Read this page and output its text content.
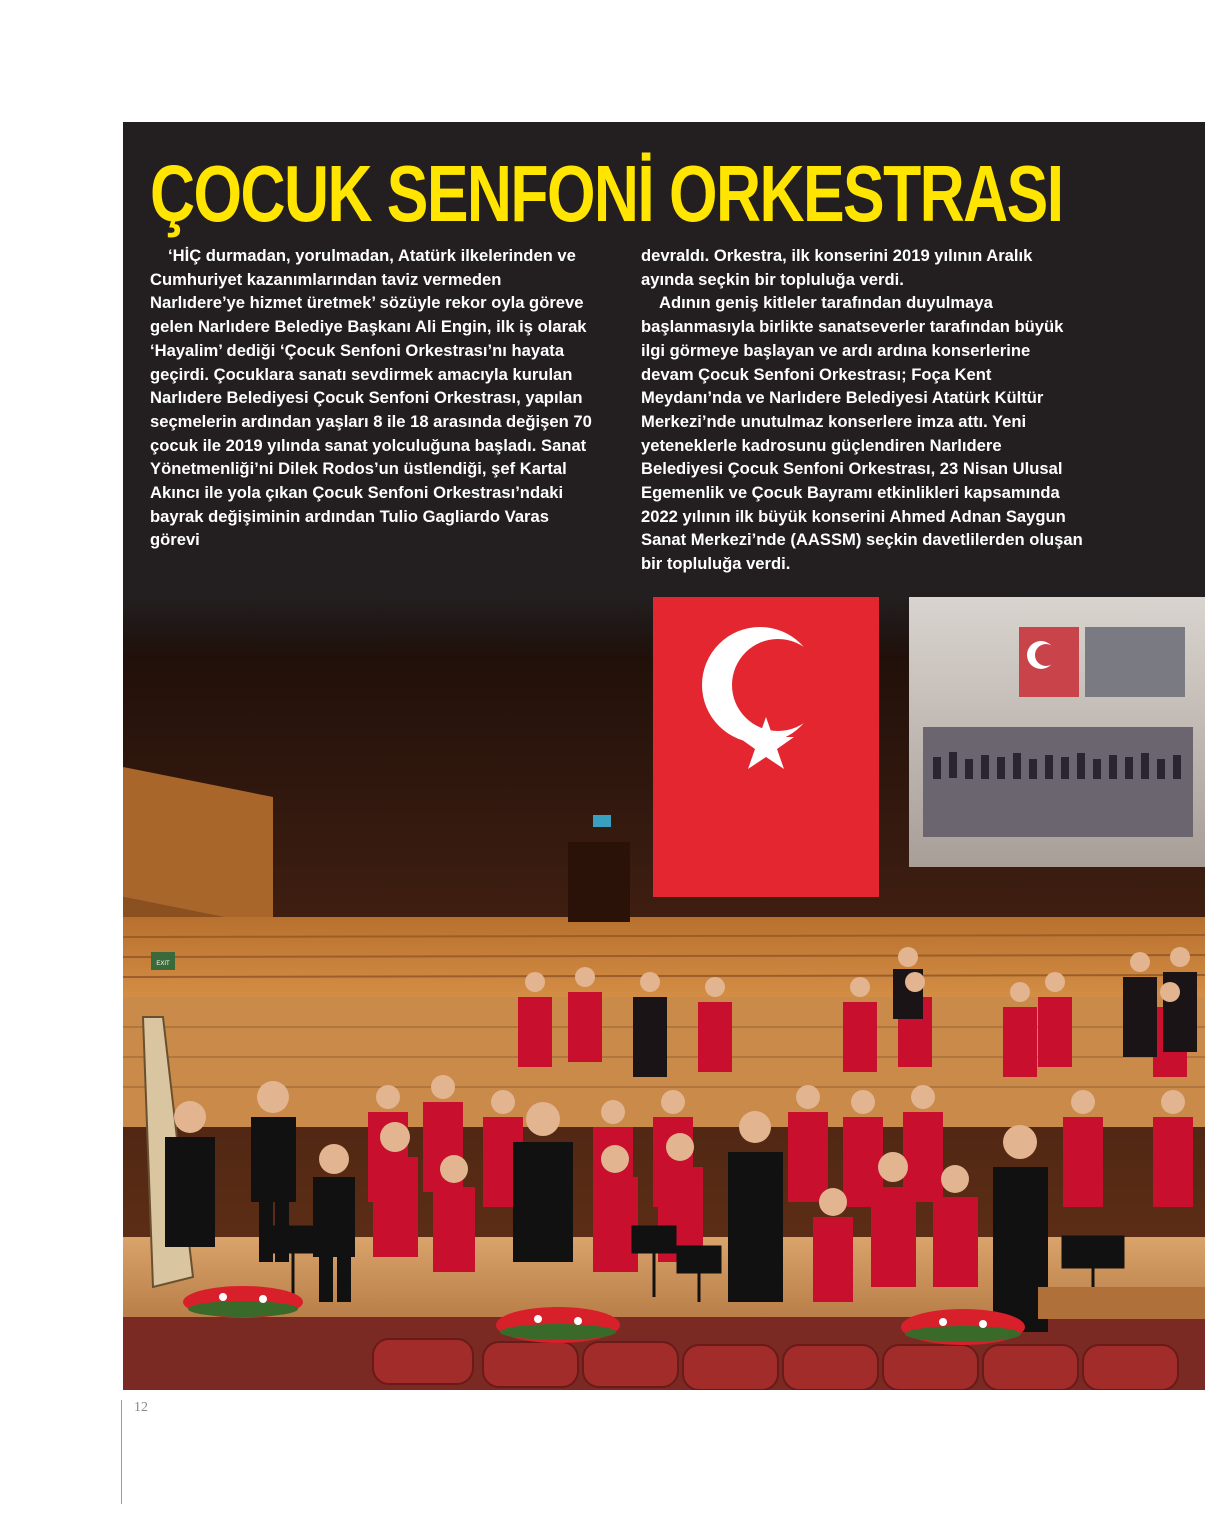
ÇOCUK SENFONİ ORKESTRASI

‘HİÇ durmadan, yorulmadan, Atatürk ilkelerinden ve Cumhuriyet kazanımlarından taviz vermeden Narlıdere’ye hizmet üretmek’ sözüyle rekor oyla göreve gelen Narlıdere Belediye Başkanı Ali Engin, ilk iş olarak ‘Hayalim’ dediği ‘Çocuk Senfoni Orkestrası’nı hayata geçirdi. Çocuklara sanatı sevdirmek amacıyla kurulan Narlıdere Belediyesi Çocuk Senfoni Orkestrası, yapılan seçmelerin ardından yaşları 8 ile 18 arasında değişen 70 çocuk ile 2019 yılında sanat yolculuğuna başladı. Sanat Yönetmenliği’ni Dilek Rodos’un üstlendiği, şef Kartal Akıncı ile yola çıkan Çocuk Senfoni Orkestrası’ndaki bayrak değişiminin ardından Tulio Gagliardo Varas görevi

devraldı. Orkestra, ilk konserini 2019 yılının Aralık ayında seçkin bir topluluğa verdi.

Adının geniş kitleler tarafından duyulmaya başlanmasıyla birlikte sanatseverler tarafından büyük ilgi görmeye başlayan ve ardı ardına konserlerine devam Çocuk Senfoni Orkestrası; Foça Kent Meydanı’nda ve Narlıdere Belediyesi Atatürk Kültür Merkezi’nde unutulmaz konserlere imza attı. Yeni yeteneklerle kadrosunu güçlendiren Narlıdere Belediyesi Çocuk Senfoni Orkestrası, 23 Nisan Ulusal Egemenlik ve Çocuk Bayramı etkinlikleri kapsamında 2022 yılının ilk büyük konserini Ahmed Adnan Saygun Sanat Merkezi’nde (AASSM) seçkin davetlilerden oluşan bir topluluğa verdi.

EXIT
12
